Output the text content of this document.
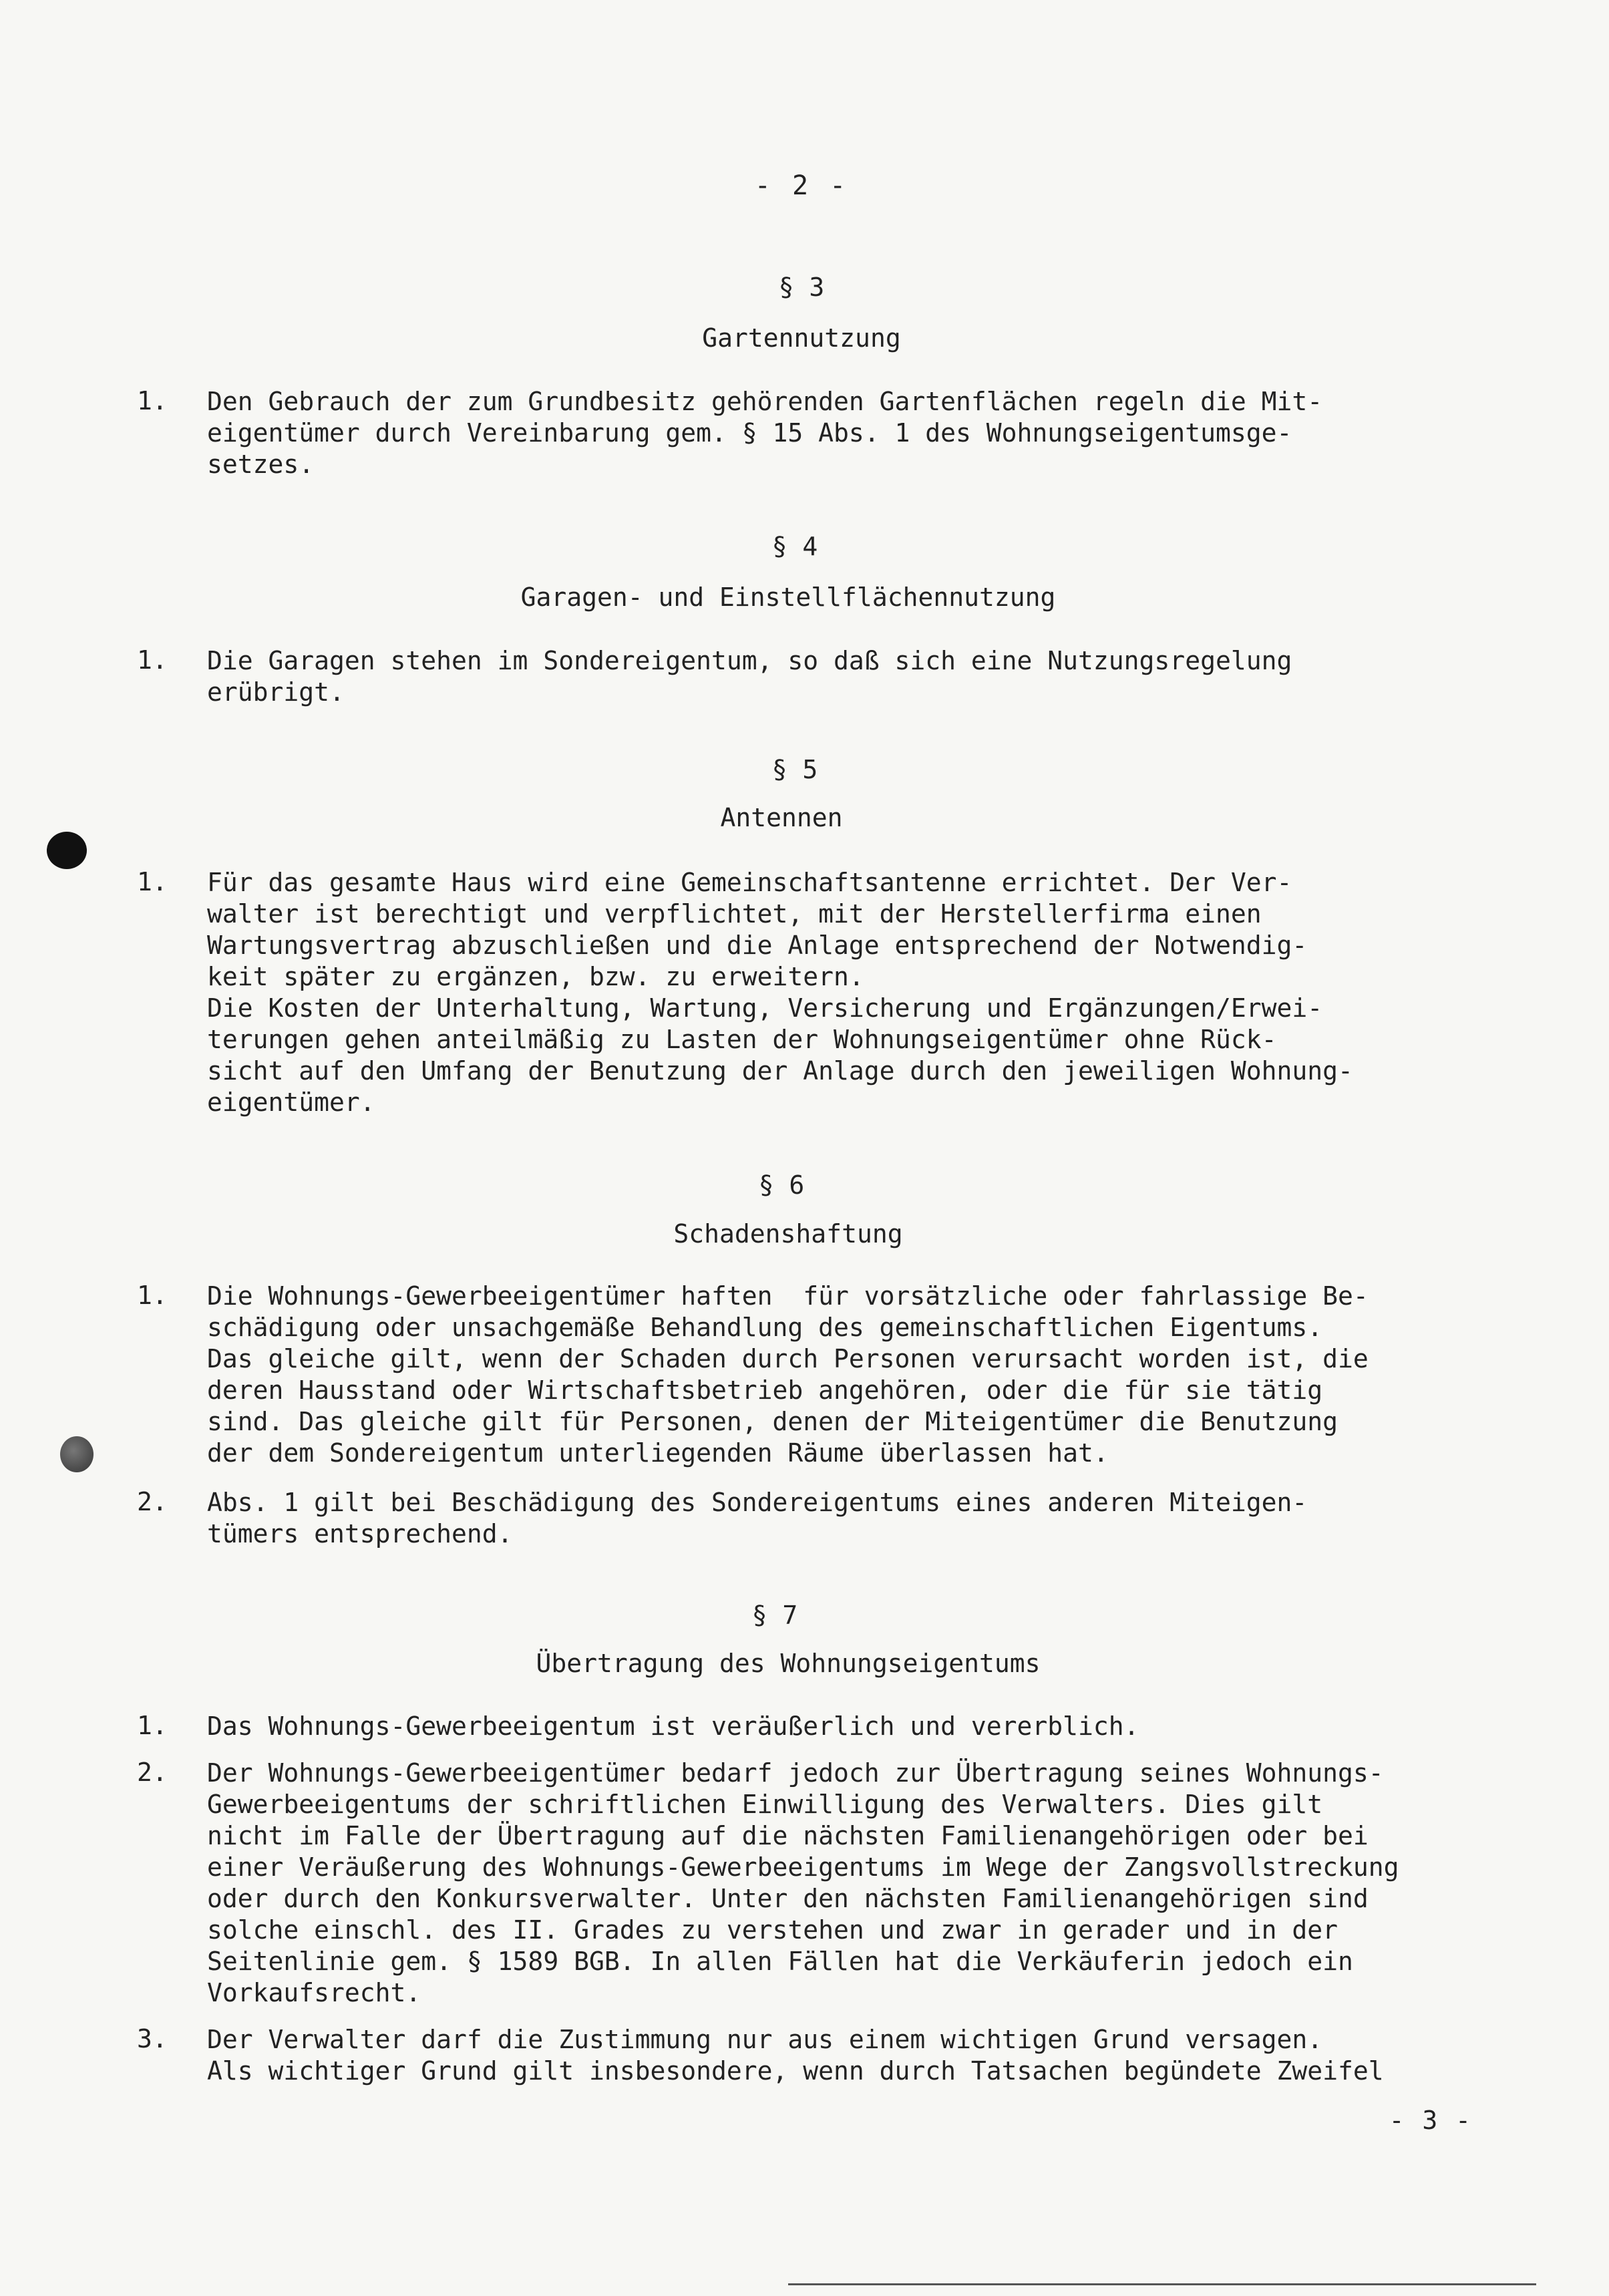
- 2 -
§ 3
Gartennutzung
1. Den Gebrauch der zum Grundbesitz gehörenden Gartenflächen regeln die Mit-
eigentümer durch Vereinbarung gem. § 15 Abs. 1 des Wohnungseigentumsge-
setzes.
§ 4
Garagen- und Einstellflächennutzung
1. Die Garagen stehen im Sondereigentum, so daß sich eine Nutzungsregelung
erübrigt.
§ 5
Antennen
1. Für das gesamte Haus wird eine Gemeinschaftsantenne errichtet. Der Ver-
walter ist berechtigt und verpflichtet, mit der Herstellerfirma einen
Wartungsvertrag abzuschließen und die Anlage entsprechend der Notwendig-
keit später zu ergänzen, bzw. zu erweitern.
Die Kosten der Unterhaltung, Wartung, Versicherung und Ergänzungen/Erwei-
terungen gehen anteilmäßig zu Lasten der Wohnungseigentümer ohne Rück-
sicht auf den Umfang der Benutzung der Anlage durch den jeweiligen Wohnung-
eigentümer.
§ 6
Schadenshaftung
1. Die Wohnungs-Gewerbeeigentümer haften  für vorsätzliche oder fahrlassige Be-
schädigung oder unsachgemäße Behandlung des gemeinschaftlichen Eigentums.
Das gleiche gilt, wenn der Schaden durch Personen verursacht worden ist, die
deren Hausstand oder Wirtschaftsbetrieb angehören, oder die für sie tätig
sind. Das gleiche gilt für Personen, denen der Miteigentümer die Benutzung
der dem Sondereigentum unterliegenden Räume überlassen hat.
2. Abs. 1 gilt bei Beschädigung des Sondereigentums eines anderen Miteigen-
tümers entsprechend.
§ 7
Übertragung des Wohnungseigentums
1. Das Wohnungs-Gewerbeeigentum ist veräußerlich und vererblich.
2. Der Wohnungs-Gewerbeeigentümer bedarf jedoch zur Übertragung seines Wohnungs-
Gewerbeeigentums der schriftlichen Einwilligung des Verwalters. Dies gilt
nicht im Falle der Übertragung auf die nächsten Familienangehörigen oder bei
einer Veräußerung des Wohnungs-Gewerbeeigentums im Wege der Zangsvollstreckung
oder durch den Konkursverwalter. Unter den nächsten Familienangehörigen sind
solche einschl. des II. Grades zu verstehen und zwar in gerader und in der
Seitenlinie gem. § 1589 BGB. In allen Fällen hat die Verkäuferin jedoch ein
Vorkaufsrecht.
3. Der Verwalter darf die Zustimmung nur aus einem wichtigen Grund versagen.
Als wichtiger Grund gilt insbesondere, wenn durch Tatsachen begündete Zweifel
- 3 -
